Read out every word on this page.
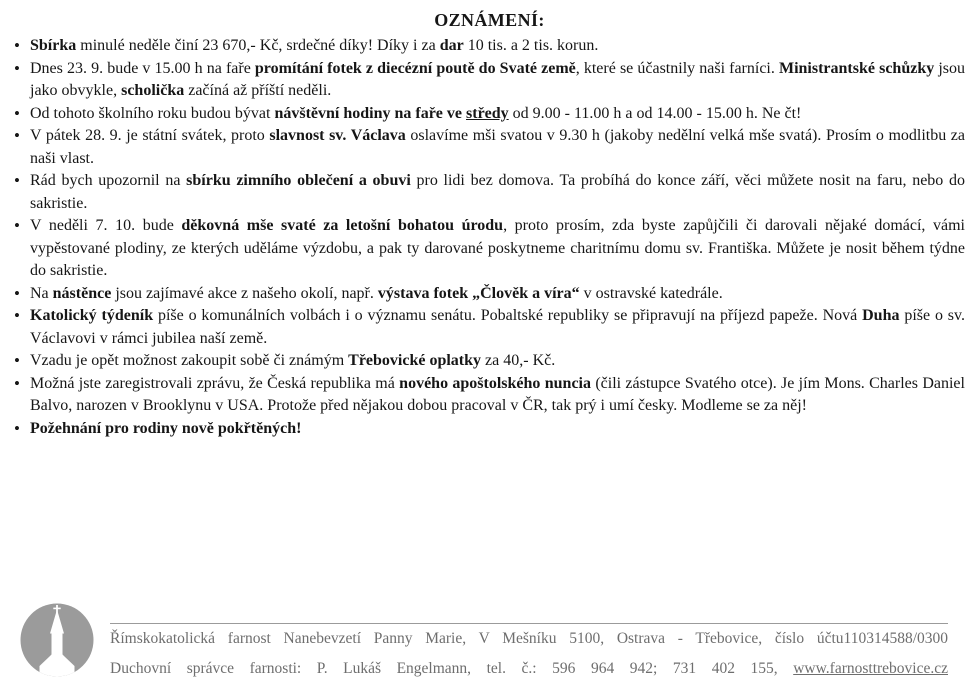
OZNÁMENÍ:
• Sbírka minulé neděle činí 23 670,- Kč, srdečné díky! Díky i za dar 10 tis. a 2 tis. korun.
• Dnes 23. 9. bude v 15.00 h na faře promítání fotek z diecézní poutě do Svaté země, které se účastnily naši farníci. Ministrantské schůzky jsou jako obvykle, scholička začíná až příští neděli.
• Od tohoto školního roku budou bývat návštěvní hodiny na faře ve středy od 9.00 - 11.00 h a od 14.00 - 15.00 h. Ne čt!
• V pátek 28. 9. je státní svátek, proto slavnost sv. Václava oslavíme mši svatou v 9.30 h (jakoby nedělní velká mše svatá). Prosím o modlitbu za naši vlast.
• Rád bych upozornil na sbírku zimního oblečení a obuvi pro lidi bez domova. Ta probíhá do konce září, věci můžete nosit na faru, nebo do sakristie.
• V neděli 7. 10. bude děkovná mše svaté za letošní bohatou úrodu, proto prosím, zda byste zapůjčili či darovali nějaké domácí, vámi vypěstované plodiny, ze kterých uděláme výzdobu, a pak ty darované poskytneme charitnímu domu sv. Františka. Můžete je nosit během týdne do sakristie.
• Na nástěnce jsou zajímavé akce z našeho okolí, např. výstava fotek „Člověk a víra“ v ostravské katedrále.
• Katolický týdeník píše o komunálních volbách i o významu senátu. Pobaltské republiky se připravují na příjezd papeže. Nová Duha píše o sv. Václavovi v rámci jubilea naší země.
• Vzadu je opět možnost zakoupit sobě či známým Třebovické oplatky za 40,- Kč.
• Možná jste zaregistrovali zprávu, že Česká republika má nového apoštolského nuncia (čili zástupce Svatého otce). Je jím Mons. Charles Daniel Balvo, narozen v Brooklynu v USA. Protože před nějakou dobou pracoval v ČR, tak prý i umí česky. Modleme se za něj!
• Požehnání pro rodiny nově pokřtěných!
Římskokatolická farnost Nanebevzetí Panny Marie, V Mešníku 5100, Ostrava - Třebovice, číslo účtu110314588/0300
Duchovní správce farnosti: P. Lukáš Engelmann, tel. č.: 596 964 942; 731 402 155, www.farnosttrebovice.cz
